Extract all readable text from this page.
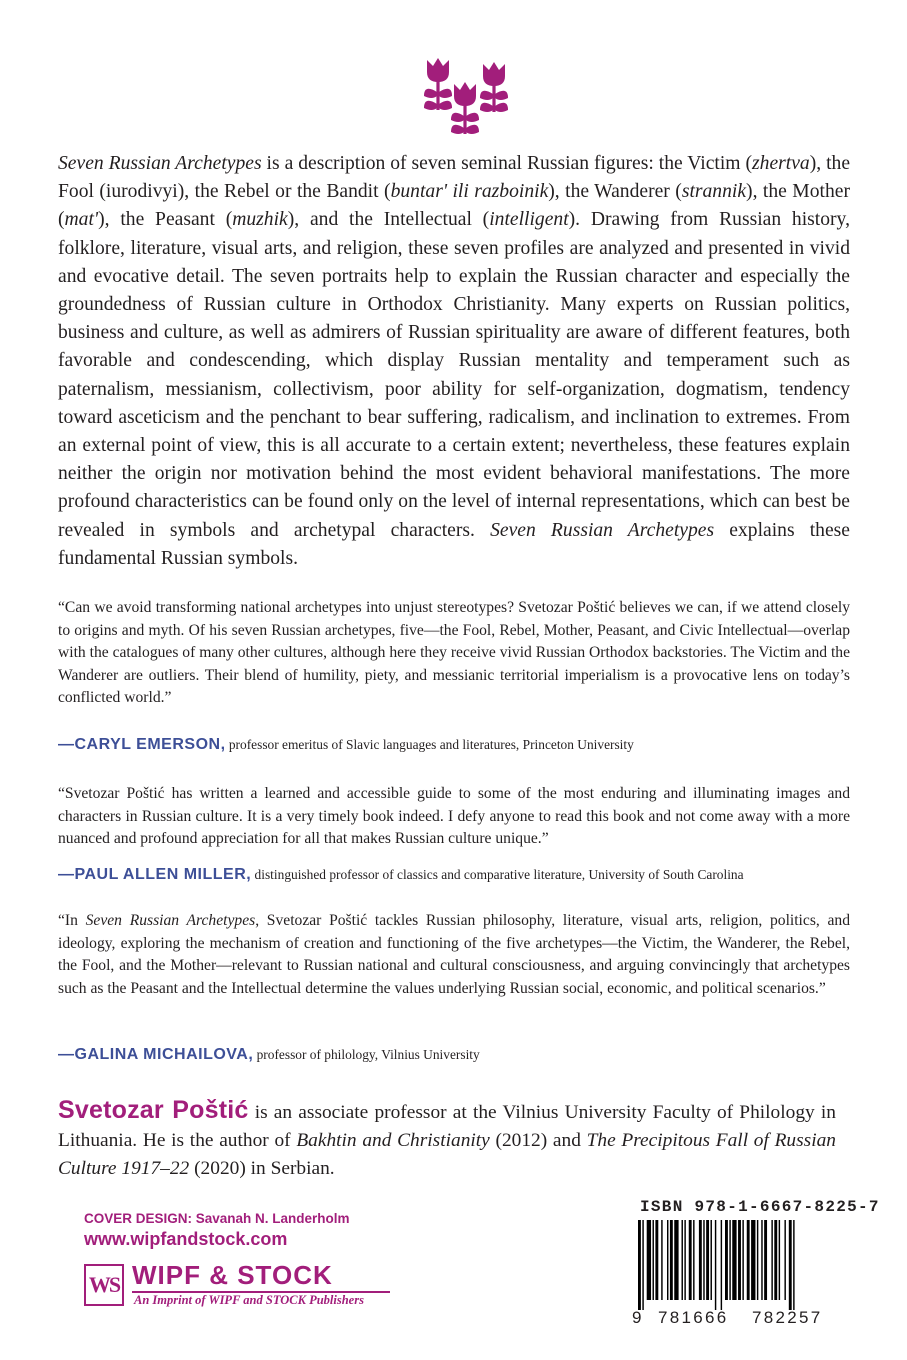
Seven Russian Archetypes is a description of seven seminal Russian figures: the Victim (zhertva), the Fool (iurodivyi), the Rebel or the Bandit (buntar' ili razboinik), the Wanderer (strannik), the Mother (mat'), the Peasant (muzhik), and the Intellectual (intelligent). Drawing from Russian history, folklore, literature, visual arts, and religion, these seven profiles are analyzed and presented in vivid and evocative detail. The seven portraits help to explain the Russian character and especially the groundedness of Russian culture in Orthodox Christianity. Many experts on Russian politics, business and culture, as well as admirers of Russian spirituality are aware of different features, both favorable and condescending, which display Russian mentality and temperament such as paternalism, messianism, collectivism, poor ability for self-organization, dogmatism, tendency toward asceticism and the penchant to bear suffering, radicalism, and inclination to extremes. From an external point of view, this is all accurate to a certain extent; nevertheless, these features explain neither the origin nor motivation behind the most evident behavioral manifestations. The more profound characteristics can be found only on the level of internal representations, which can best be revealed in symbols and archetypal characters. Seven Russian Archetypes explains these fundamental Russian symbols.

“Can we avoid transforming national archetypes into unjust stereotypes? Svetozar Poštić believes we can, if we attend closely to origins and myth. Of his seven Russian archetypes, five—the Fool, Rebel, Mother, Peasant, and Civic Intellectual—overlap with the catalogues of many other cultures, although here they receive vivid Russian Orthodox backstories. The Victim and the Wanderer are outliers. Their blend of humility, piety, and messianic territorial imperialism is a provocative lens on today’s conflicted world.”

—CARYL EMERSON, professor emeritus of Slavic languages and literatures, Princeton University

“Svetozar Poštić has written a learned and accessible guide to some of the most enduring and illuminating images and characters in Russian culture. It is a very timely book indeed. I defy anyone to read this book and not come away with a more nuanced and profound appreciation for all that makes Russian culture unique.”

—PAUL ALLEN MILLER, distinguished professor of classics and comparative literature, University of South Carolina

“In Seven Russian Archetypes, Svetozar Poštić tackles Russian philosophy, literature, visual arts, religion, politics, and ideology, exploring the mechanism of creation and functioning of the five archetypes—the Victim, the Wanderer, the Rebel, the Fool, and the Mother—relevant to Russian national and cultural consciousness, and arguing convincingly that archetypes such as the Peasant and the Intellectual determine the values underlying Russian social, economic, and political scenarios.”

—GALINA MICHAILOVA, professor of philology, Vilnius University

Svetozar Poštić is an associate professor at the Vilnius University Faculty of Philology in Lithuania. He is the author of Bakhtin and Christianity (2012) and The Precipitous Fall of Russian Culture 1917–22 (2020) in Serbian.

COVER DESIGN: Savanah N. Landerholm
www.wipfandstock.com
WS WIPF & STOCK
An Imprint of WIPF and STOCK Publishers
ISBN 978-1-6667-8225-7
9 781666 782257
